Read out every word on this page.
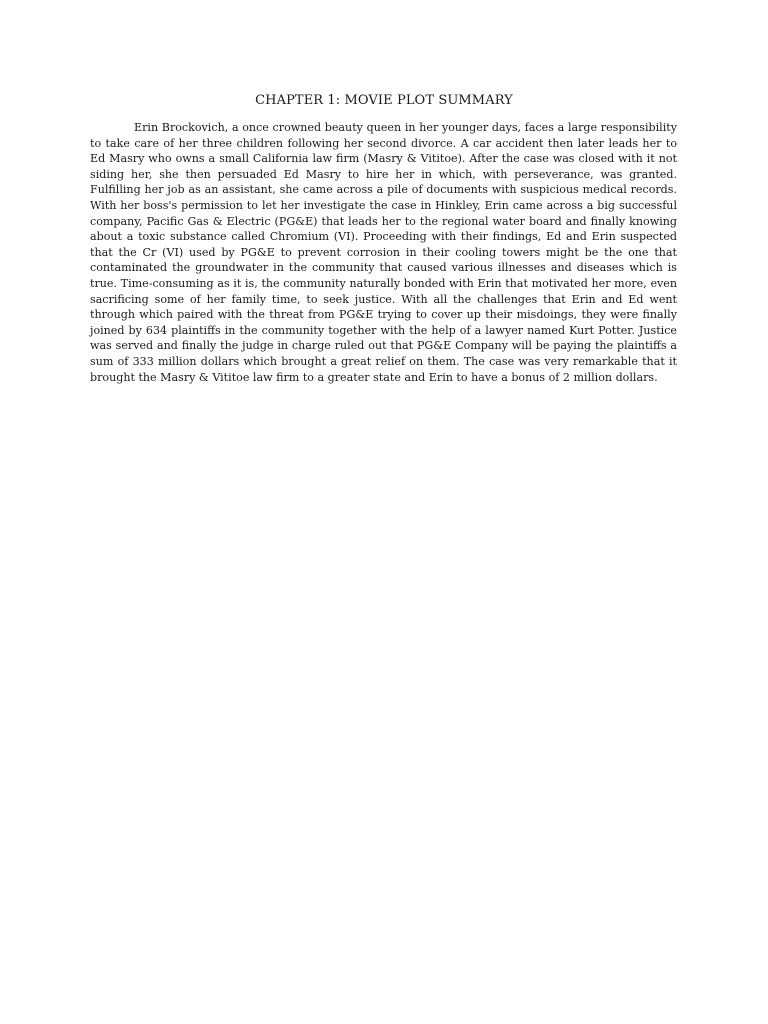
CHAPTER 1: MOVIE PLOT SUMMARY

Erin Brockovich, a once crowned beauty queen in her younger days, faces a large responsibility to take care of her three children following her second divorce. A car accident then later leads her to Ed Masry who owns a small California law firm (Masry & Vititoe). After the case was closed with it not siding her, she then persuaded Ed Masry to hire her in which, with perseverance, was granted. Fulfilling her job as an assistant, she came across a pile of documents with suspicious medical records. With her boss's permission to let her investigate the case in Hinkley, Erin came across a big successful company, Pacific Gas & Electric (PG&E) that leads her to the regional water board and finally knowing about a toxic substance called Chromium (VI). Proceeding with their findings, Ed and Erin suspected that the Cr (VI) used by PG&E to prevent corrosion in their cooling towers might be the one that contaminated the groundwater in the community that caused various illnesses and diseases which is true. Time-consuming as it is, the community naturally bonded with Erin that motivated her more, even sacrificing some of her family time, to seek justice. With all the challenges that Erin and Ed went through which paired with the threat from PG&E trying to cover up their misdoings, they were finally joined by 634 plaintiffs in the community together with the help of a lawyer named Kurt Potter. Justice was served and finally the judge in charge ruled out that PG&E Company will be paying the plaintiffs a sum of 333 million dollars which brought a great relief on them. The case was very remarkable that it brought the Masry & Vititoe law firm to a greater state and Erin to have a bonus of 2 million dollars.
